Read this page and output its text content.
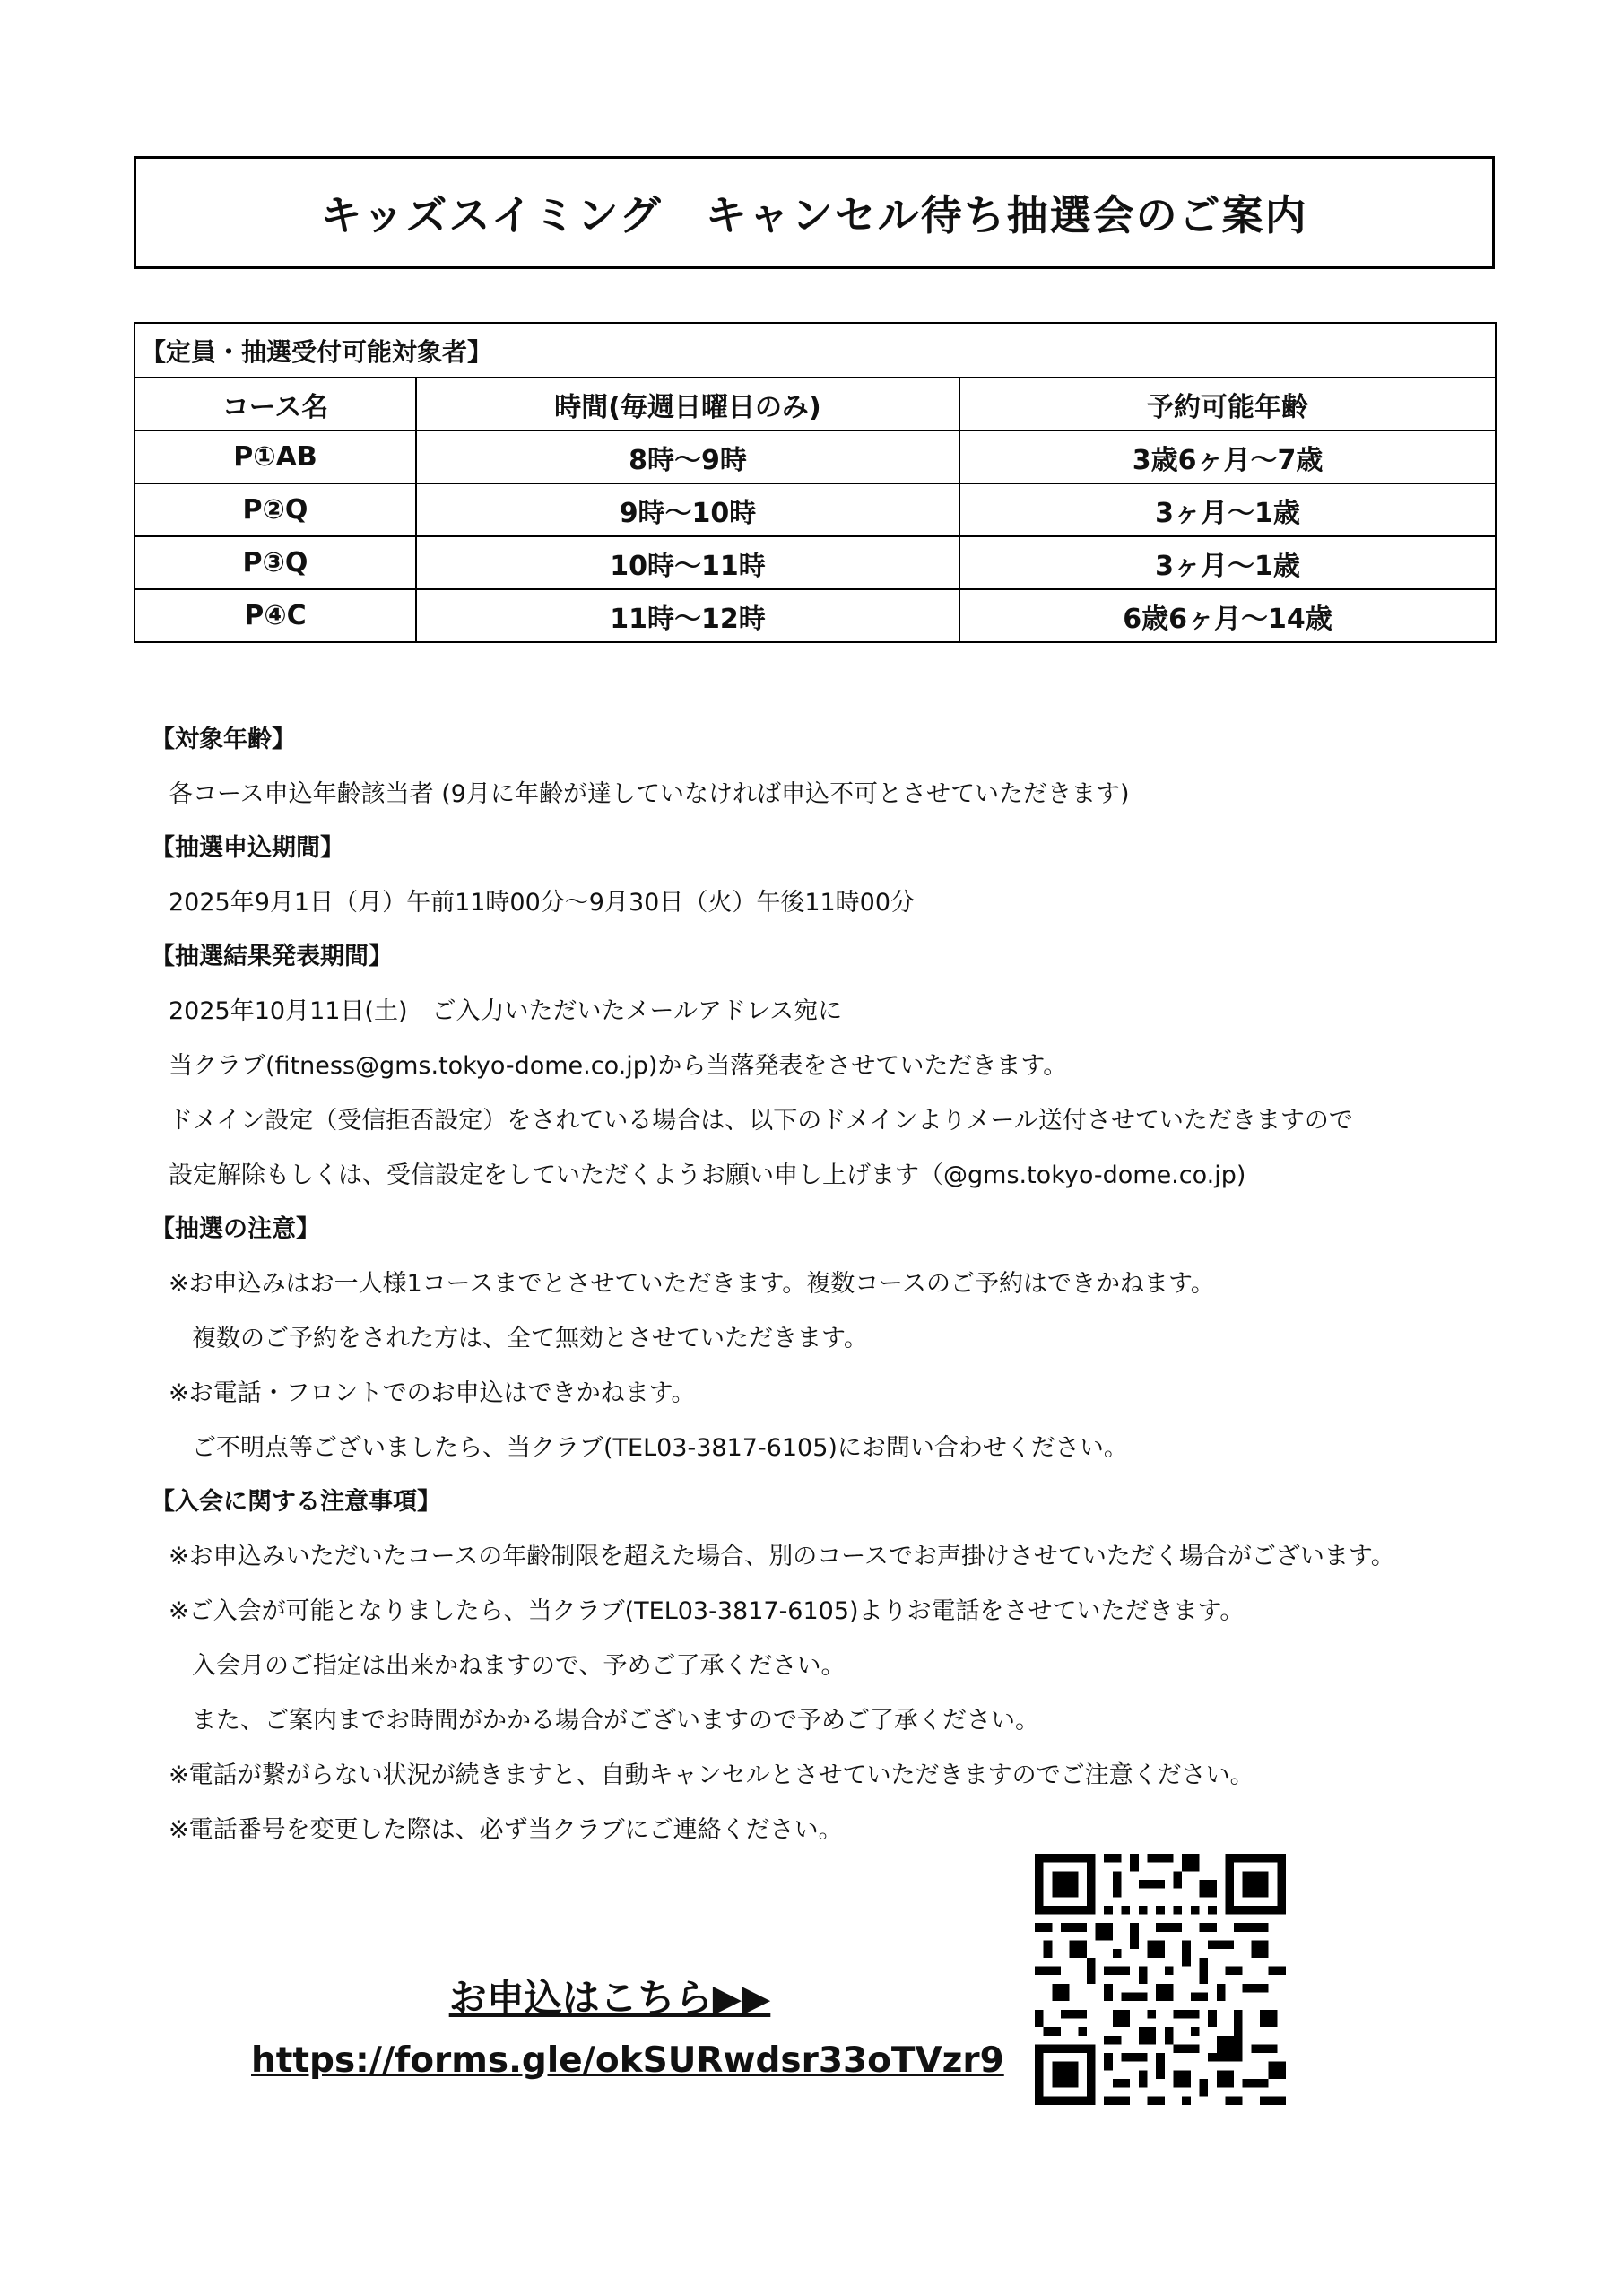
キッズスイミング　キャンセル待ち抽選会のご案内
【定員・抽選受付可能対象者】		
コース名	時間(毎週日曜日のみ)	予約可能年齢
P①AB	8時〜9時	3歳6ヶ月〜7歳
P②Q	9時〜10時	3ヶ月〜1歳
P③Q	10時〜11時	3ヶ月〜1歳
P④C	11時〜12時	6歳6ヶ月〜14歳
【対象年齢】
各コース申込年齢該当者 (9月に年齢が達していなければ申込不可とさせていただきます)
【抽選申込期間】
2025年9月1日（月）午前11時00分〜9月30日（火）午後11時00分
【抽選結果発表期間】
2025年10月11日(土)　ご入力いただいたメールアドレス宛に
当クラブ(fitness@gms.tokyo-dome.co.jp)から当落発表をさせていただきます。
ドメイン設定（受信拒否設定）をされている場合は、以下のドメインよりメール送付させていただきますので
設定解除もしくは、受信設定をしていただくようお願い申し上げます（@gms.tokyo-dome.co.jp)
【抽選の注意】
※お申込みはお一人様1コースまでとさせていただきます。複数コースのご予約はできかねます。
複数のご予約をされた方は、全て無効とさせていただきます。
※お電話・フロントでのお申込はできかねます。
ご不明点等ございましたら、当クラブ(TEL03-3817-6105)にお問い合わせください。
【入会に関する注意事項】
※お申込みいただいたコースの年齢制限を超えた場合、別のコースでお声掛けさせていただく場合がございます。
※ご入会が可能となりましたら、当クラブ(TEL03-3817-6105)よりお電話をさせていただきます。
入会月のご指定は出来かねますので、予めご了承ください。
また、ご案内までお時間がかかる場合がございますので予めご了承ください。
※電話が繋がらない状況が続きますと、自動キャンセルとさせていただきますのでご注意ください。
※電話番号を変更した際は、必ず当クラブにご連絡ください。
お申込はこちら▶▶
https://forms.gle/okSURwdsr33oTVzr9
